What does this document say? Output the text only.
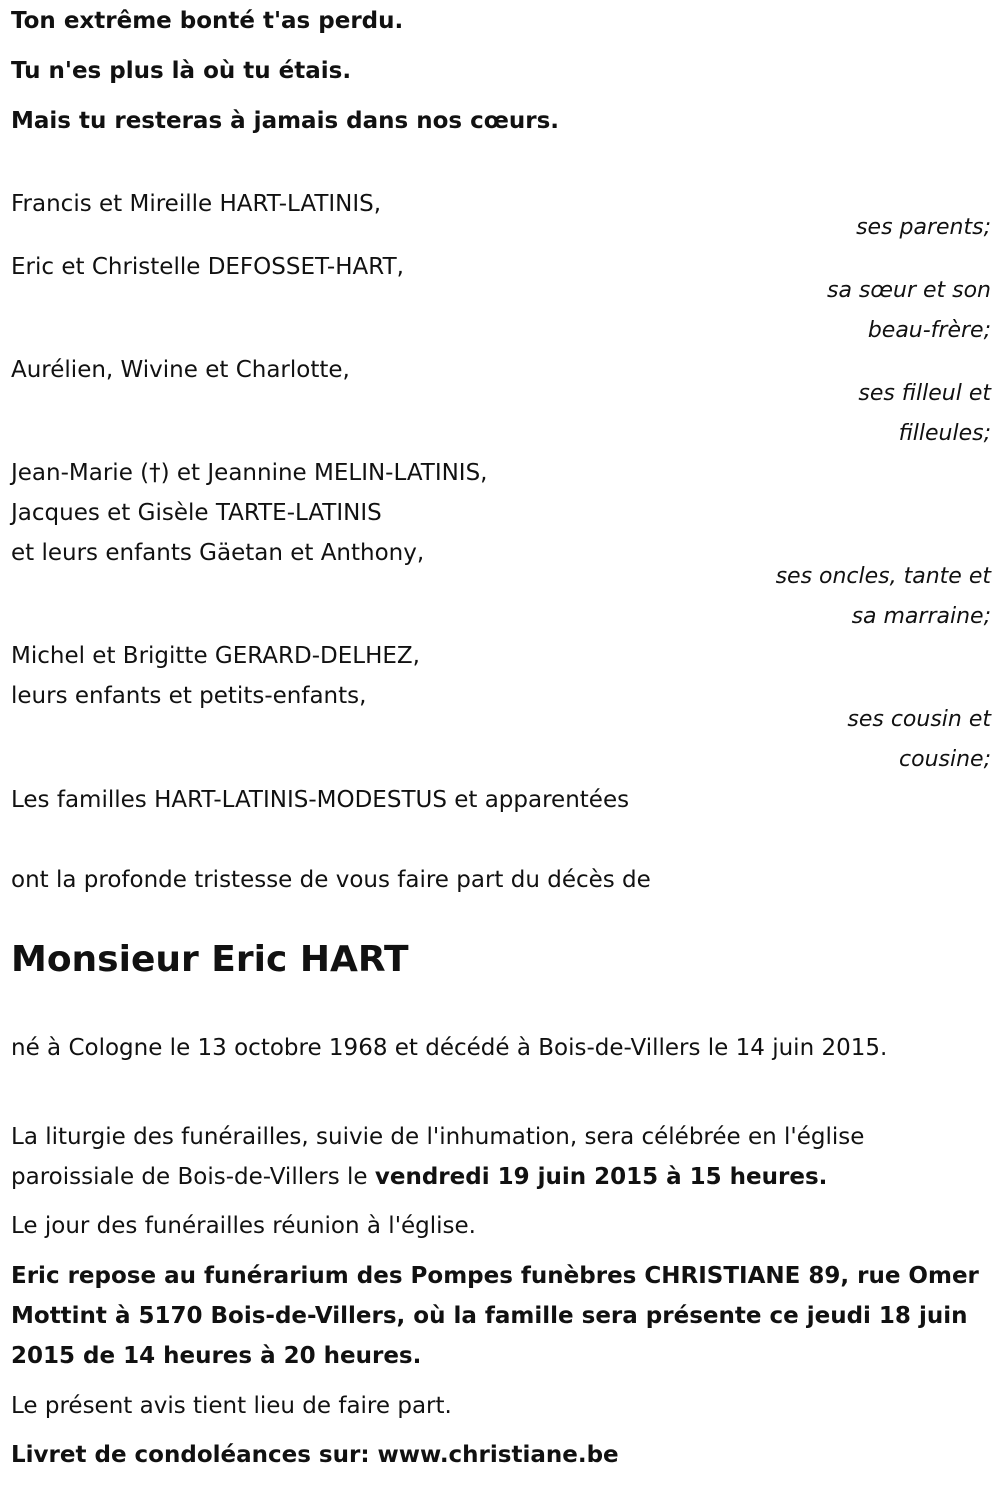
Ton extrême bonté t'as perdu.
Tu n'es plus là où tu étais.
Mais tu resteras à jamais dans nos cœurs.
Francis et Mireille HART-LATINIS,
ses parents;
Eric et Christelle DEFOSSET-HART,
sa sœur et son
beau-frère;
Aurélien, Wivine et Charlotte,
ses filleul et
filleules;
Jean-Marie (†) et Jeannine MELIN-LATINIS,
Jacques et Gisèle TARTE-LATINIS
et leurs enfants Gäetan et Anthony,
ses oncles, tante et
sa marraine;
Michel et Brigitte GERARD-DELHEZ,
leurs enfants et petits-enfants,
ses cousin et
cousine;
Les familles HART-LATINIS-MODESTUS et apparentées
ont la profonde tristesse de vous faire part du décès de
Monsieur Eric HART
né à Cologne le 13 octobre 1968 et décédé à Bois-de-Villers le 14 juin 2015.
La liturgie des funérailles, suivie de l'inhumation, sera célébrée en l'église paroissiale de Bois-de-Villers le vendredi 19 juin 2015 à 15 heures.
Le jour des funérailles réunion à l'église.
Eric repose au funérarium des Pompes funèbres CHRISTIANE 89, rue Omer Mottint à 5170 Bois-de-Villers, où la famille sera présente ce jeudi 18 juin 2015 de 14 heures à 20 heures.
Le présent avis tient lieu de faire part.
Livret de condoléances sur: www.christiane.be
